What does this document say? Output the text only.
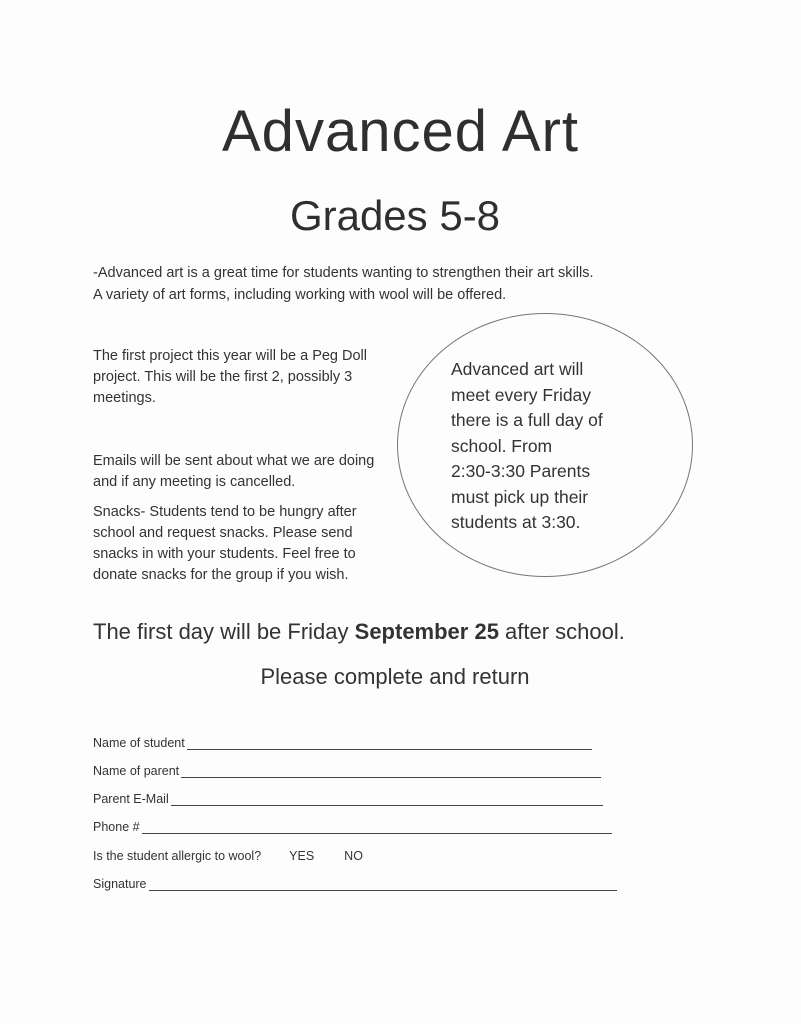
Advanced Art
Grades 5-8

-Advanced art is a great time for students wanting to strengthen their art skills.

A variety of art forms, including working with wool will be offered.

The first project this year will be a Peg Doll project. This will be the first 2, possibly 3 meetings.

Emails will be sent about what we are doing and if any meeting is cancelled.

Snacks- Students tend to be hungry after school and request snacks. Please send snacks in with your students. Feel free to donate snacks for the group if you wish.

Advanced art will
meet every Friday
there is a full day of
school. From
2:30-3:30 Parents
must pick up their
students at 3:30.
The first day will be Friday September 25 after school.
Please complete and return
Name of student
Name of parent
Parent E-Mail
Phone #
Is the student allergic to wool? YES NO
Signature
